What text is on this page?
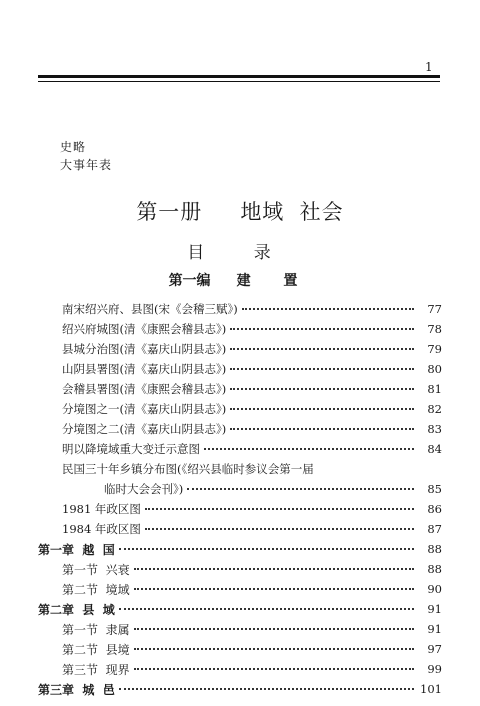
1
史略
大事年表
第一册 地域  社会
目 录
第一编 建 置
南宋绍兴府、县图(宋《会稽三赋》)	77
绍兴府城图(清《康熙会稽县志》)	78
县城分治图(清《嘉庆山阴县志》)	79
山阴县署图(清《嘉庆山阴县志》)	80
会稽县署图(清《康熙会稽县志》)	81
分境图之一(清《嘉庆山阴县志》)	82
分境图之二(清《嘉庆山阴县志》)	83
明以降境域重大变迁示意图	84
民国三十年乡镇分布图(《绍兴县临时参议会第一届
临时大会会刊》)	85
1981 年政区图	86
1984 年政区图	87
第一章  越  国	88
第一节  兴衰	88
第二节  境域	90
第二章  县  域	91
第一节  隶属	91
第二节  县境	97
第三节  现界	99
第三章  城  邑	101
